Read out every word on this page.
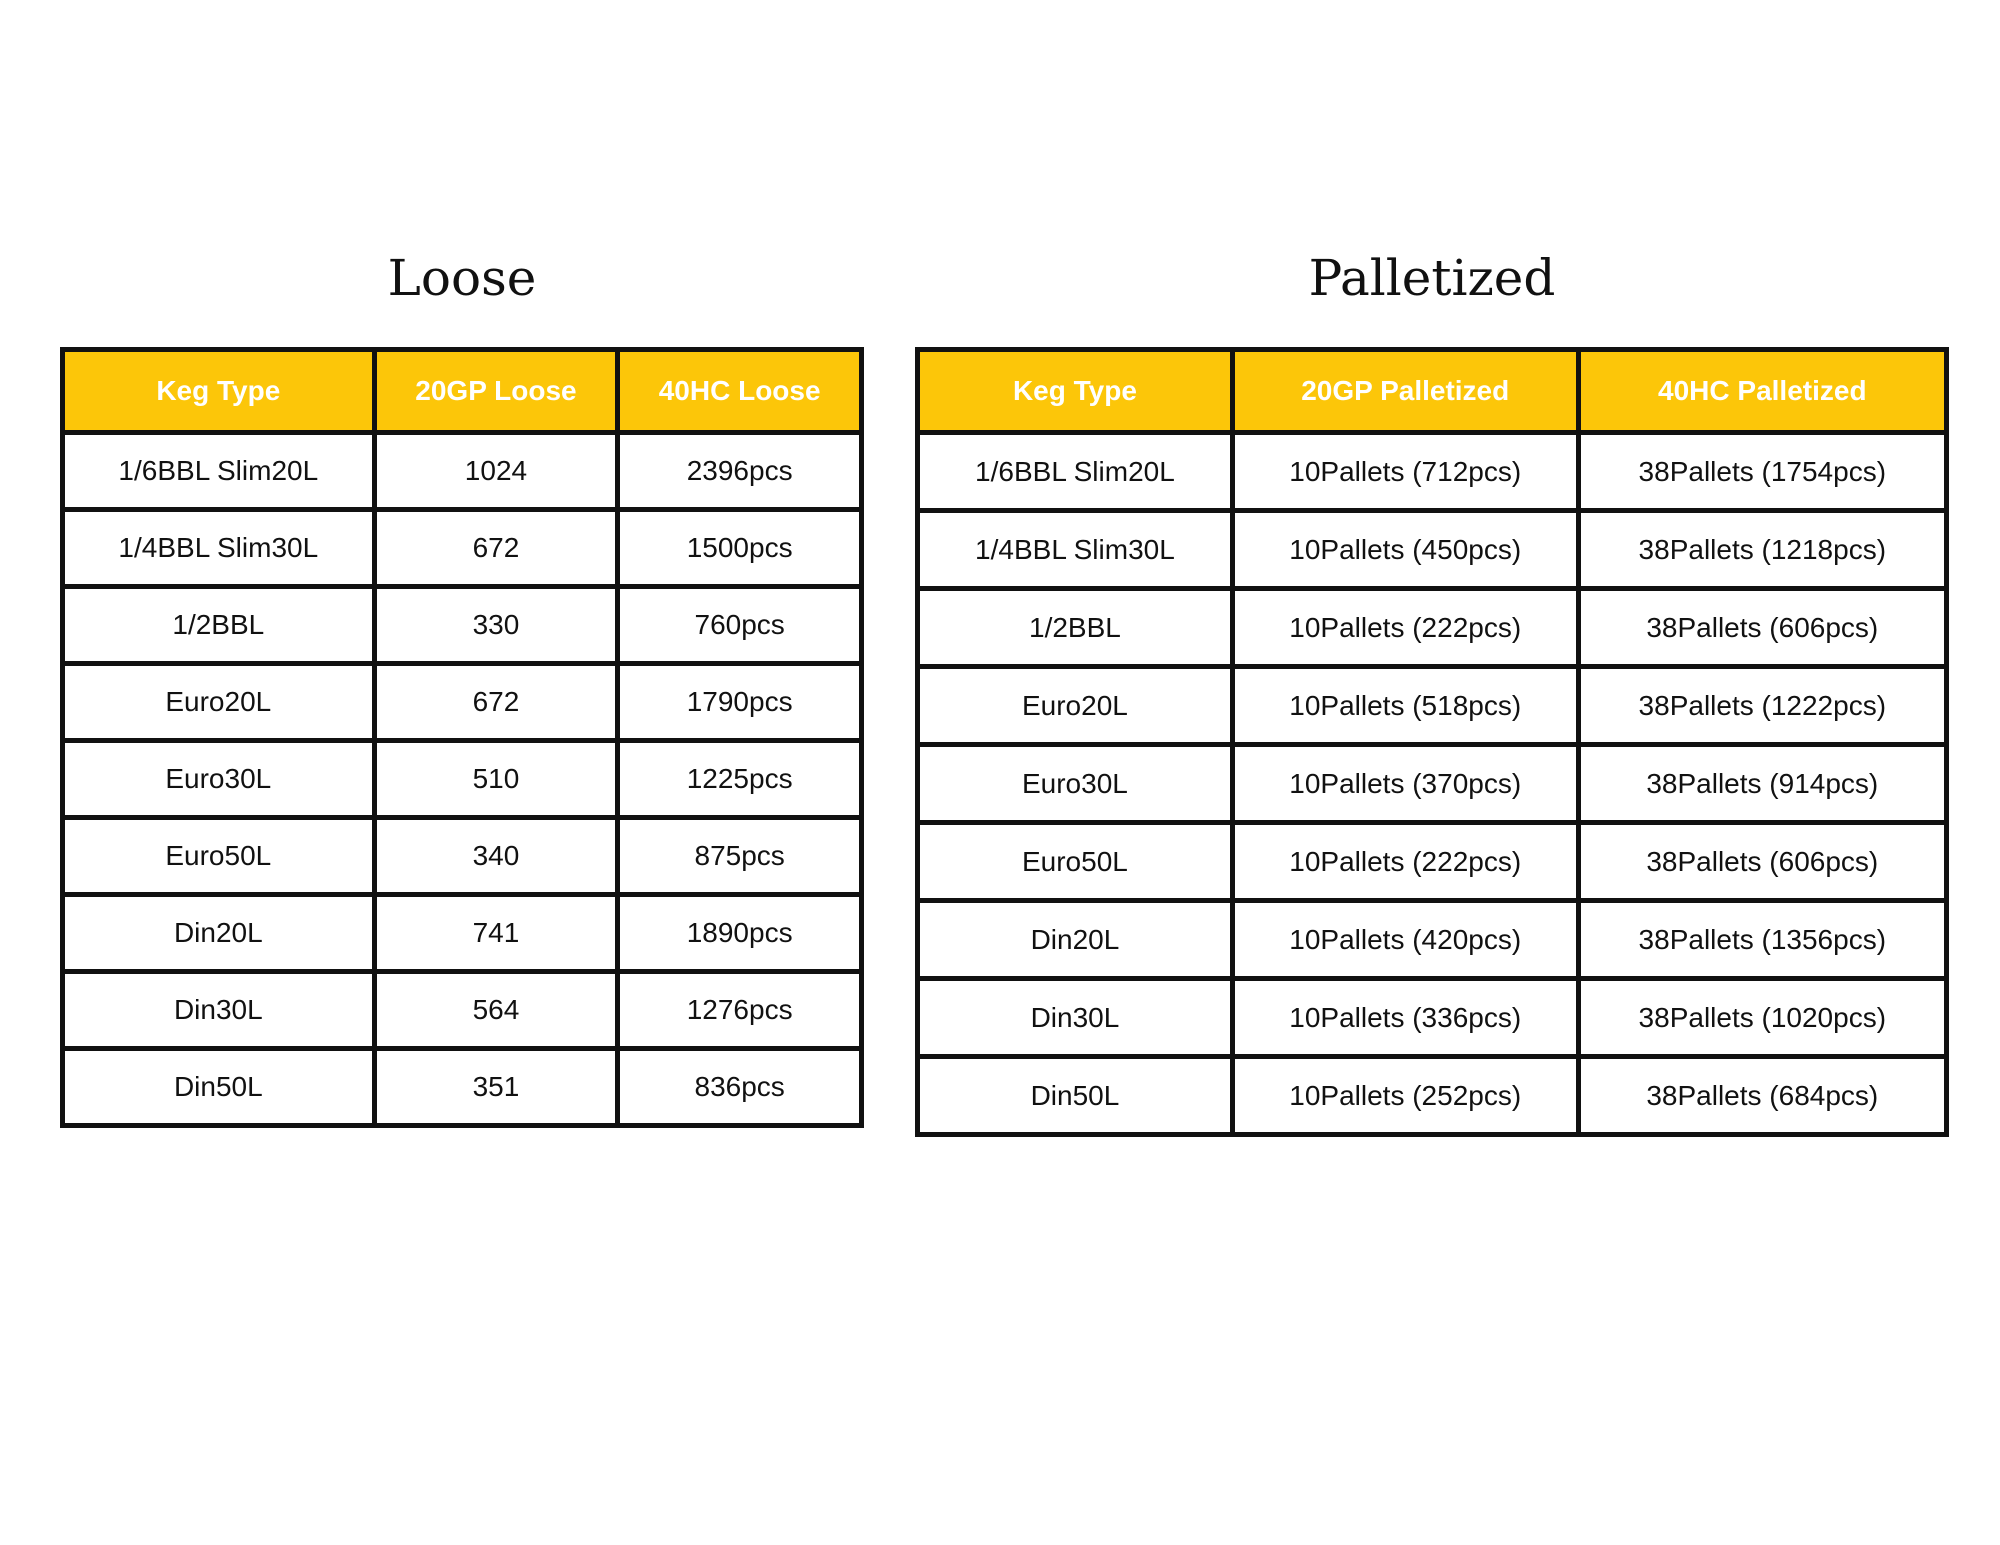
Loose
Keg Type	20GP Loose	40HC Loose
1/6BBL Slim20L	1024	2396pcs
1/4BBL Slim30L	672	1500pcs
1/2BBL	330	760pcs
Euro20L	672	1790pcs
Euro30L	510	1225pcs
Euro50L	340	875pcs
Din20L	741	1890pcs
Din30L	564	1276pcs
Din50L	351	836pcs
Palletized
Keg Type	20GP Palletized	40HC Palletized
1/6BBL Slim20L	10Pallets (712pcs)	38Pallets (1754pcs)
1/4BBL Slim30L	10Pallets (450pcs)	38Pallets (1218pcs)
1/2BBL	10Pallets (222pcs)	38Pallets (606pcs)
Euro20L	10Pallets (518pcs)	38Pallets (1222pcs)
Euro30L	10Pallets (370pcs)	38Pallets (914pcs)
Euro50L	10Pallets (222pcs)	38Pallets (606pcs)
Din20L	10Pallets (420pcs)	38Pallets (1356pcs)
Din30L	10Pallets (336pcs)	38Pallets (1020pcs)
Din50L	10Pallets (252pcs)	38Pallets (684pcs)
